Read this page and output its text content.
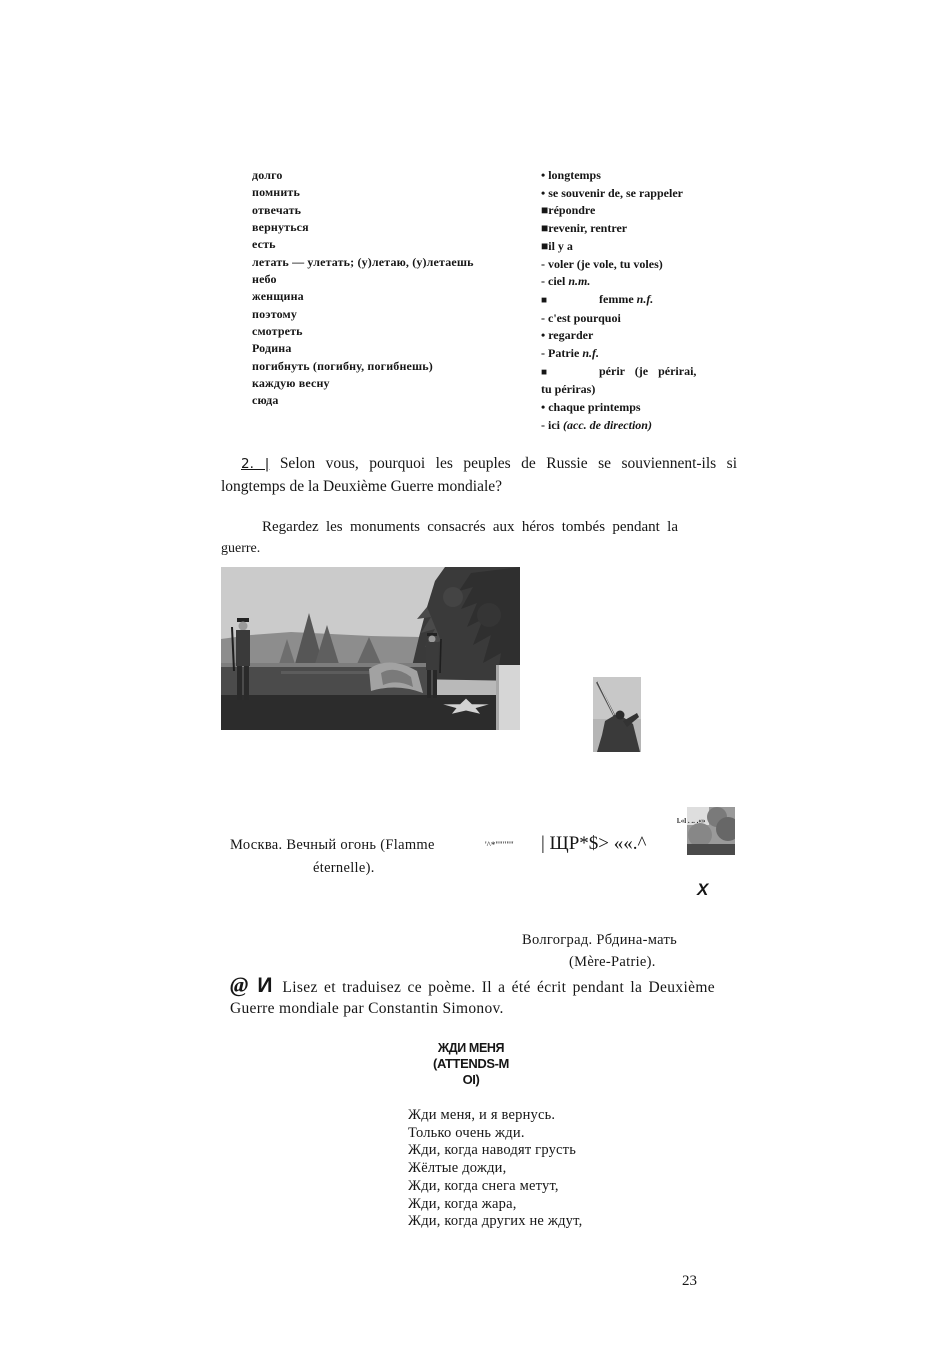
долго
помнить
отвечать
вернуться
есть
летать — улетать; (у)летаю, (у)летаешь
небо
женщина
поэтому
смотреть
Родина
погибнуть (погибну, погибнешь)
каждую весну
сюда
• longtemps
• se souvenir de, se rappeler
■répondre
■revenir, rentrer
■il y a
- voler (je vole, tu voles)
- ciel n.m.
■	femme n.f.
- c'est pourquoi
• regarder
- Patrie n.f.
■	périr (je périrai,
tu périras)
• chaque printemps
- ici (acc. de direction)
2. | Selon vous, pourquoi les peuples de Russie se souviennent-ils si
longtemps de la Deuxième Guerre mondiale?
Regardez les monuments consacrés aux héros tombés pendant la
guerre.
Москва. Вечный огонь (Flamme
éternelle).
l.«l . .. .«»
'^*""""" | ЩР*$> ««.^
X
Волгоград. Рбдина-мать
(Mère-Patrie).
@ И Lisez et traduisez ce poème. Il a été écrit pendant la Deuxième
Guerre mondiale par Constantin Simonov.
ЖДИ МЕНЯ
(ATTENDS-M
OI)
Жди меня, и я вернусь.
Только очень жди.
Жди, когда наводят грусть
Жёлтые дожди,
Жди, когда снега метут,
Жди, когда жара,
Жди, когда других не ждут,
23
